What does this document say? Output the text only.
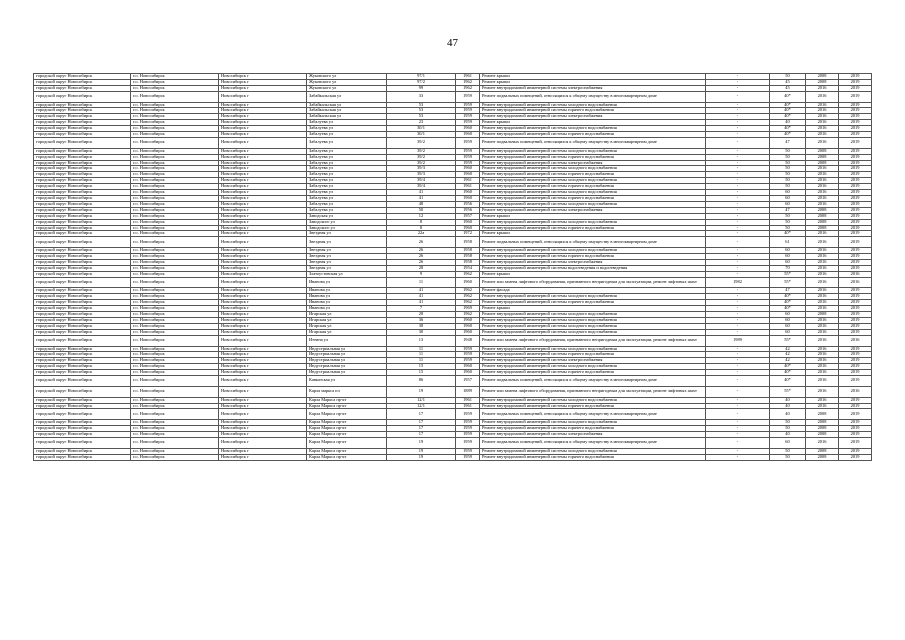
47
городской округ Новосибирск	г.о. Новосибирск	Новосибирск г	Жуковского ул	97/1	1961	Ремонт крыши	-	50	2008	2019
городской округ Новосибирск	г.о. Новосибирск	Новосибирск г	Жуковского ул	97/2	1962	Ремонт крыши	-	45	2008	2019
городской округ Новосибирск	г.о. Новосибирск	Новосибирск г	Жуковского ул	99	1962	Ремонт внутридомовой инженерной системы электроснабжения	-	45	2016	2019
городской округ Новосибирск	г.о. Новосибирск	Новосибирск г	Забайкальская ул	33	1959	Ремонт подвальных помещений, относящихся к общему имуществу в многоквартирном доме	-	40*	2016	2019
городской округ Новосибирск	г.о. Новосибирск	Новосибирск г	Забайкальская ул	53	1959	Ремонт внутридомовой инженерной системы холодного водоснабжения	-	40*	2016	2019
городской округ Новосибирск	г.о. Новосибирск	Новосибирск г	Забайкальская ул	53	1959	Ремонт внутридомовой инженерной системы горячего водоснабжения	-	40*	2016	2019
городской округ Новосибирск	г.о. Новосибирск	Новосибирск г	Забайкальская ул	53	1959	Ремонт внутридомовой инженерной системы электроснабжения	-	40*	2016	2019
городской округ Новосибирск	г.о. Новосибирск	Новосибирск г	Забалуева ул	23	1959	Ремонт крыши	-	40	2016	2019
городской округ Новосибирск	г.о. Новосибирск	Новосибирск г	Забалуева ул	30/1	1960	Ремонт внутридомовой инженерной системы холодного водоснабжения	-	40*	2016	2019
городской округ Новосибирск	г.о. Новосибирск	Новосибирск г	Забалуева ул	30/1	1960	Ремонт внутридомовой инженерной системы горячего водоснабжения	-	40*	2016	2019
городской округ Новосибирск	г.о. Новосибирск	Новосибирск г	Забалуева ул	39/2	1959	Ремонт подвальных помещений, относящихся к общему имуществу в многоквартирном доме	-	47	2016	2019
городской округ Новосибирск	г.о. Новосибирск	Новосибирск г	Забалуева ул	39/2	1959	Ремонт внутридомовой инженерной системы холодного водоснабжения	-	50	2008	2019
городской округ Новосибирск	г.о. Новосибирск	Новосибирск г	Забалуева ул	39/2	1959	Ремонт внутридомовой инженерной системы горячего водоснабжения	-	50	2008	2019
городской округ Новосибирск	г.о. Новосибирск	Новосибирск г	Забалуева ул	39/2	1959	Ремонт внутридомовой инженерной системы электроснабжения	-	50	2008	2019
городской округ Новосибирск	г.о. Новосибирск	Новосибирск г	Забалуева ул	39/3	1960	Ремонт внутридомовой инженерной системы холодного водоснабжения	-	50	2016	2019
городской округ Новосибирск	г.о. Новосибирск	Новосибирск г	Забалуева ул	39/3	1960	Ремонт внутридомовой инженерной системы горячего водоснабжения	-	50	2016	2019
городской округ Новосибирск	г.о. Новосибирск	Новосибирск г	Забалуева ул	39/4	1961	Ремонт внутридомовой инженерной системы холодного водоснабжения	-	50	2016	2019
городской округ Новосибирск	г.о. Новосибирск	Новосибирск г	Забалуева ул	39/4	1961	Ремонт внутридомовой инженерной системы горячего водоснабжения	-	50	2016	2019
городской округ Новосибирск	г.о. Новосибирск	Новосибирск г	Забалуева ул	41	1960	Ремонт внутридомовой инженерной системы холодного водоснабжения	-	60	2016	2019
городской округ Новосибирск	г.о. Новосибирск	Новосибирск г	Забалуева ул	41	1960	Ремонт внутридомовой инженерной системы горячего водоснабжения	-	60	2016	2019
городской округ Новосибирск	г.о. Новосибирск	Новосибирск г	Забалуева ул	48	1956	Ремонт внутридомовой инженерной системы холодного водоснабжения	-	60	2016	2019
городской округ Новосибирск	г.о. Новосибирск	Новосибирск г	Забалуева ул	50	1956	Ремонт внутридомовой инженерной системы электроснабжения	-	47	2008	2019
городской округ Новосибирск	г.о. Новосибирск	Новосибирск г	Заводская ул	12	1957	Ремонт крыши	-	50	2008	2019
городской округ Новосибирск	г.о. Новосибирск	Новосибирск г	Заводского ул	8	1960	Ремонт внутридомовой инженерной системы холодного водоснабжения	-	50	2008	2019
городской округ Новосибирск	г.о. Новосибирск	Новосибирск г	Заводского ул	8	1960	Ремонт внутридомовой инженерной системы горячего водоснабжения	-	50	2008	2019
городской округ Новосибирск	г.о. Новосибирск	Новосибирск г	Звездная ул	22а	1972	Ремонт крыши	-	40*	2016	2019
городской округ Новосибирск	г.о. Новосибирск	Новосибирск г	Звездная ул	26	1958	Ремонт подвальных помещений, относящихся к общему имуществу в многоквартирном доме	-	61	2016	2019
городской округ Новосибирск	г.о. Новосибирск	Новосибирск г	Звездная ул	26	1958	Ремонт внутридомовой инженерной системы холодного водоснабжения	-	60	2016	2019
городской округ Новосибирск	г.о. Новосибирск	Новосибирск г	Звездная ул	26	1958	Ремонт внутридомовой инженерной системы горячего водоснабжения	-	60	2016	2019
городской округ Новосибирск	г.о. Новосибирск	Новосибирск г	Звездная ул	26	1958	Ремонт внутридомовой инженерной системы электроснабжения	-	60	2016	2019
городской округ Новосибирск	г.о. Новосибирск	Новосибирск г	Звездная ул	28	1954	Ремонт внутридомовой инженерной системы водоотведения и водоотведения	-	70	2016	2019
городской округ Новосибирск	г.о. Новосибирск	Новосибирск г	Златоустовская ул	9	1962	Ремонт крыши	-	55*	2016	2016
городской округ Новосибирск	г.о. Новосибирск	Новосибирск г	Иванова ул	11	1960	Ремонт или замена лифтового оборудования, признанного непригодным для эксплуатации, ремонт лифтовых шахт	1982	55*	2016	2016
городской округ Новосибирск	г.о. Новосибирск	Новосибирск г	Иванова ул	41	1962	Ремонт фасада	-	47	2016	2019
городской округ Новосибирск	г.о. Новосибирск	Новосибирск г	Иванова ул	41	1962	Ремонт внутридомовой инженерной системы холодного водоснабжения	-	40*	2016	2019
городской округ Новосибирск	г.о. Новосибирск	Новосибирск г	Иванова ул	41	1962	Ремонт внутридомовой инженерной системы горячего водоснабжения	-	40*	2016	2019
городской округ Новосибирск	г.о. Новосибирск	Новосибирск г	Иванова ул	7	1969	Ремонт крыши	-	40*	2016	2019
городской округ Новосибирск	г.о. Новосибирск	Новосибирск г	Игарская ул	28	1962	Ремонт внутридомовой инженерной системы холодного водоснабжения	-	60	2008	2019
городской округ Новосибирск	г.о. Новосибирск	Новосибирск г	Игарская ул	36	1960	Ремонт внутридомовой инженерной системы холодного водоснабжения	-	60	2016	2019
городской округ Новосибирск	г.о. Новосибирск	Новосибирск г	Игарская ул	38	1960	Ремонт внутридомовой инженерной системы холодного водоснабжения	-	60	2016	2019
городской округ Новосибирск	г.о. Новосибирск	Новосибирск г	Игарская ул	30	1960	Ремонт внутридомовой инженерной системы холодного водоснабжения	-	60	2016	2019
городской округ Новосибирск	г.о. Новосибирск	Новосибирск г	Итеина ул	13	1948	Ремонт или замена лифтового оборудования, признанного непригодным для эксплуатации, ремонт лифтовых шахт	1989	55*	2016	2016
городской округ Новосибирск	г.о. Новосибирск	Новосибирск г	Индустриальная ул	11	1959	Ремонт внутридомовой инженерной системы холодного водоснабжения	-	42	2016	2019
городской округ Новосибирск	г.о. Новосибирск	Новосибирск г	Индустриальная ул	11	1959	Ремонт внутридомовой инженерной системы горячего водоснабжения	-	42	2016	2019
городской округ Новосибирск	г.о. Новосибирск	Новосибирск г	Индустриальная ул	11	1959	Ремонт внутридомовой инженерной системы электроснабжения	-	42	2016	2019
городской округ Новосибирск	г.о. Новосибирск	Новосибирск г	Индустриальная ул	15	1960	Ремонт внутридомовой инженерной системы холодного водоснабжения	-	40*	2016	2019
городской округ Новосибирск	г.о. Новосибирск	Новосибирск г	Индустриальная ул	15	1960	Ремонт внутридомовой инженерной системы горячего водоснабжения	-	40*	2016	2019
городской округ Новосибирск	г.о. Новосибирск	Новосибирск г	Кавказская ул	86	1957	Ремонт подвальных помещений, относящихся к общему имуществу в многоквартирном доме	-	40*	2016	2019
городской округ Новосибирск	г.о. Новосибирск	Новосибирск г	Карла маркса пл	19	1889	Ремонт или замена лифтового оборудования, признанного непригодным для эксплуатации, ремонт лифтовых шахт	-	55*	2016	2016
городской округ Новосибирск	г.о. Новосибирск	Новосибирск г	Карла Маркса пр-кт	12/1	1961	Ремонт внутридомовой инженерной системы холодного водоснабжения	-	40	2016	2019
городской округ Новосибирск	г.о. Новосибирск	Новосибирск г	Карла Маркса пр-кт	12/1	1961	Ремонт внутридомовой инженерной системы горячего водоснабжения	-	40	2016	2019
городской округ Новосибирск	г.о. Новосибирск	Новосибирск г	Карла Маркса пр-кт	17	1959	Ремонт подвальных помещений, относящихся к общему имуществу в многоквартирном доме	-	40	2008	2019
городской округ Новосибирск	г.о. Новосибирск	Новосибирск г	Карла Маркса пр-кт	17	1959	Ремонт внутридомовой инженерной системы холодного водоснабжения	-	50	2008	2019
городской округ Новосибирск	г.о. Новосибирск	Новосибирск г	Карла Маркса пр-кт	17	1959	Ремонт внутридомовой инженерной системы горячего водоснабжения	-	50	2008	2019
городской округ Новосибирск	г.о. Новосибирск	Новосибирск г	Карла Маркса пр-кт	17	1959	Ремонт внутридомовой инженерной системы электроснабжения	-	40	2008	2019
городской округ Новосибирск	г.о. Новосибирск	Новосибирск г	Карла Маркса пр-кт	19	1959	Ремонт подвальных помещений, относящихся к общему имуществу в многоквартирном доме	-	60	2016	2019
городской округ Новосибирск	г.о. Новосибирск	Новосибирск г	Карла Маркса пр-кт	19	1959	Ремонт внутридомовой инженерной системы холодного водоснабжения	-	50	2008	2019
городской округ Новосибирск	г.о. Новосибирск	Новосибирск г	Карла Маркса пр-кт	19	1959	Ремонт внутридомовой инженерной системы горячего водоснабжения	-	50	2008	2019
